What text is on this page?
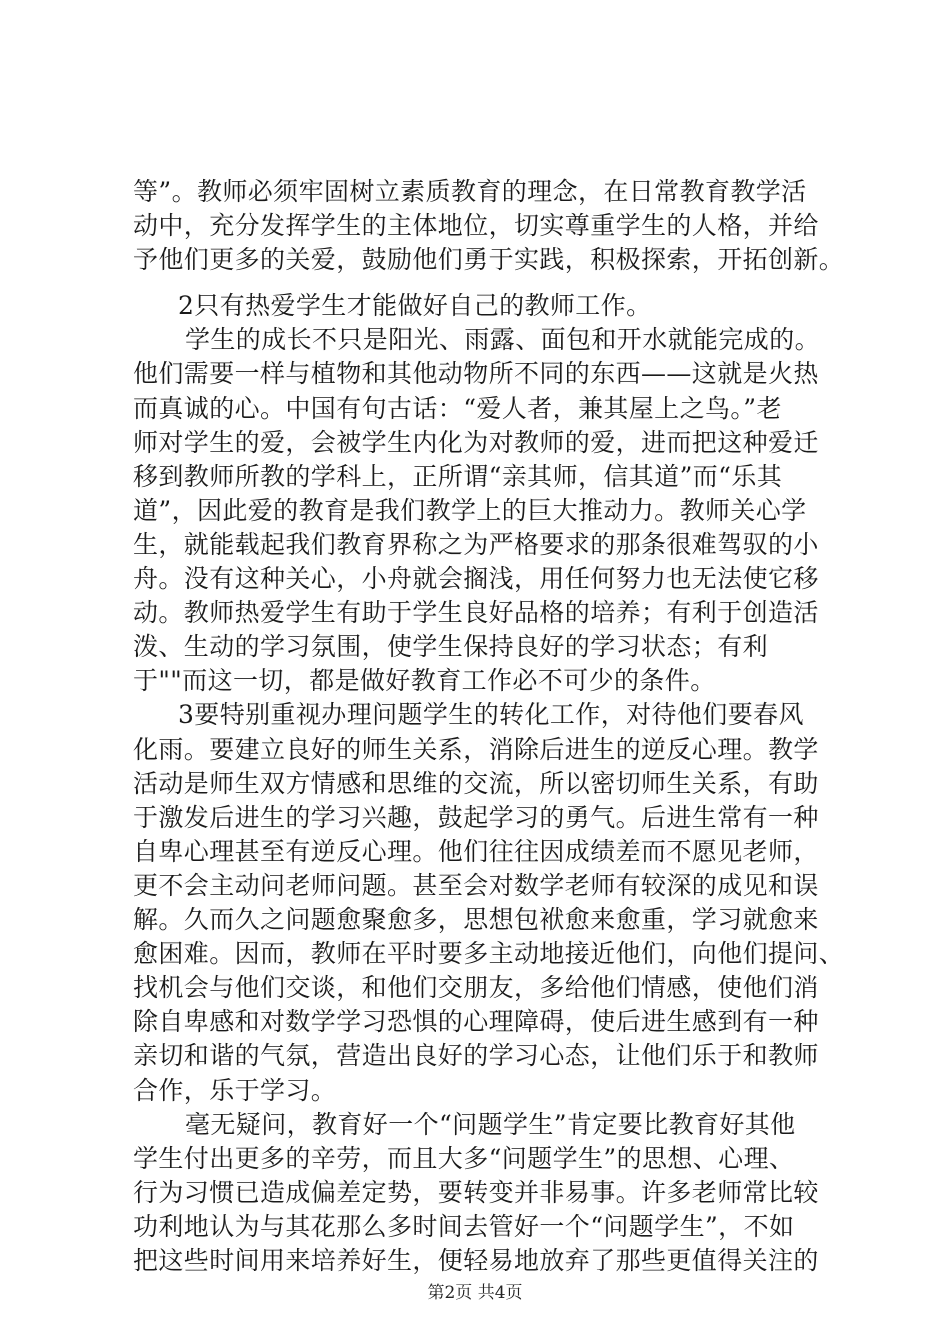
等”。教师必须牢固树立素质教育的理念，在日常教育教学活
动中，充分发挥学生的主体地位，切实尊重学生的人格，并给
予他们更多的关爱，鼓励他们勇于实践，积极探索，开拓创新。
2只有热爱学生才能做好自己的教师工作。
学生的成长不只是阳光、雨露、面包和开水就能完成的。
他们需要一样与植物和其他动物所不同的东西——这就是火热
而真诚的心。中国有句古话：“爱人者，兼其屋上之鸟。”老
师对学生的爱，会被学生内化为对教师的爱，进而把这种爱迁
移到教师所教的学科上，正所谓“亲其师，信其道”而“乐其
道”，因此爱的教育是我们教学上的巨大推动力。教师关心学
生，就能载起我们教育界称之为严格要求的那条很难驾驭的小
舟。没有这种关心，小舟就会搁浅，用任何努力也无法使它移
动。教师热爱学生有助于学生良好品格的培养；有利于创造活
泼、生动的学习氛围，使学生保持良好的学习状态；有利
于""而这一切，都是做好教育工作必不可少的条件。
3要特别重视办理问题学生的转化工作，对待他们要春风
化雨。要建立良好的师生关系，消除后进生的逆反心理。教学
活动是师生双方情感和思维的交流，所以密切师生关系，有助
于激发后进生的学习兴趣，鼓起学习的勇气。后进生常有一种
自卑心理甚至有逆反心理。他们往往因成绩差而不愿见老师，
更不会主动问老师问题。甚至会对数学老师有较深的成见和误
解。久而久之问题愈聚愈多，思想包袱愈来愈重，学习就愈来
愈困难。因而，教师在平时要多主动地接近他们，向他们提问、
找机会与他们交谈，和他们交朋友，多给他们情感，使他们消
除自卑感和对数学学习恐惧的心理障碍，使后进生感到有一种
亲切和谐的气氛，营造出良好的学习心态，让他们乐于和教师
合作，乐于学习。
毫无疑问，教育好一个“问题学生”肯定要比教育好其他
学生付出更多的辛劳，而且大多“问题学生”的思想、心理、
行为习惯已造成偏差定势，要转变并非易事。许多老师常比较
功利地认为与其花那么多时间去管好一个“问题学生”，不如
把这些时间用来培养好生，便轻易地放弃了那些更值得关注的
第2页 共4页
